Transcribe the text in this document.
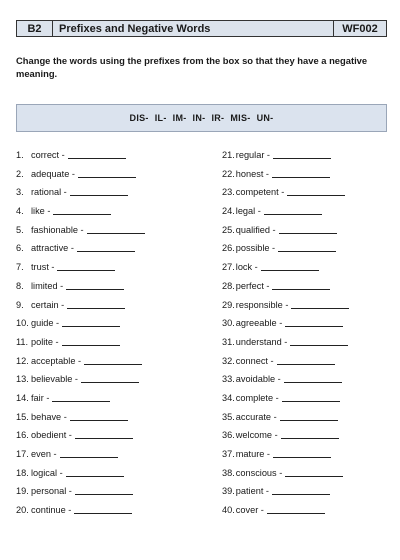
B2	Prefixes and Negative Words	WF002
Change the words using the prefixes from the box so that they have a negative meaning.
DIS- IL- IM- IN- IR- MIS- UN-
1. correct -
2. adequate -
3. rational -
4. like -
5. fashionable -
6. attractive -
7. trust -
8. limited -
9. certain -
10. guide -
11. polite -
12. acceptable -
13. believable -
14. fair -
15. behave -
16. obedient -
17. even -
18. logical -
19. personal -
20. continue -
21. regular -
22. honest -
23. competent -
24. legal -
25. qualified -
26. possible -
27. lock -
28. perfect -
29. responsible -
30. agreeable -
31. understand -
32. connect -
33. avoidable -
34. complete -
35. accurate -
36. welcome -
37. mature -
38. conscious -
39. patient -
40. cover -
